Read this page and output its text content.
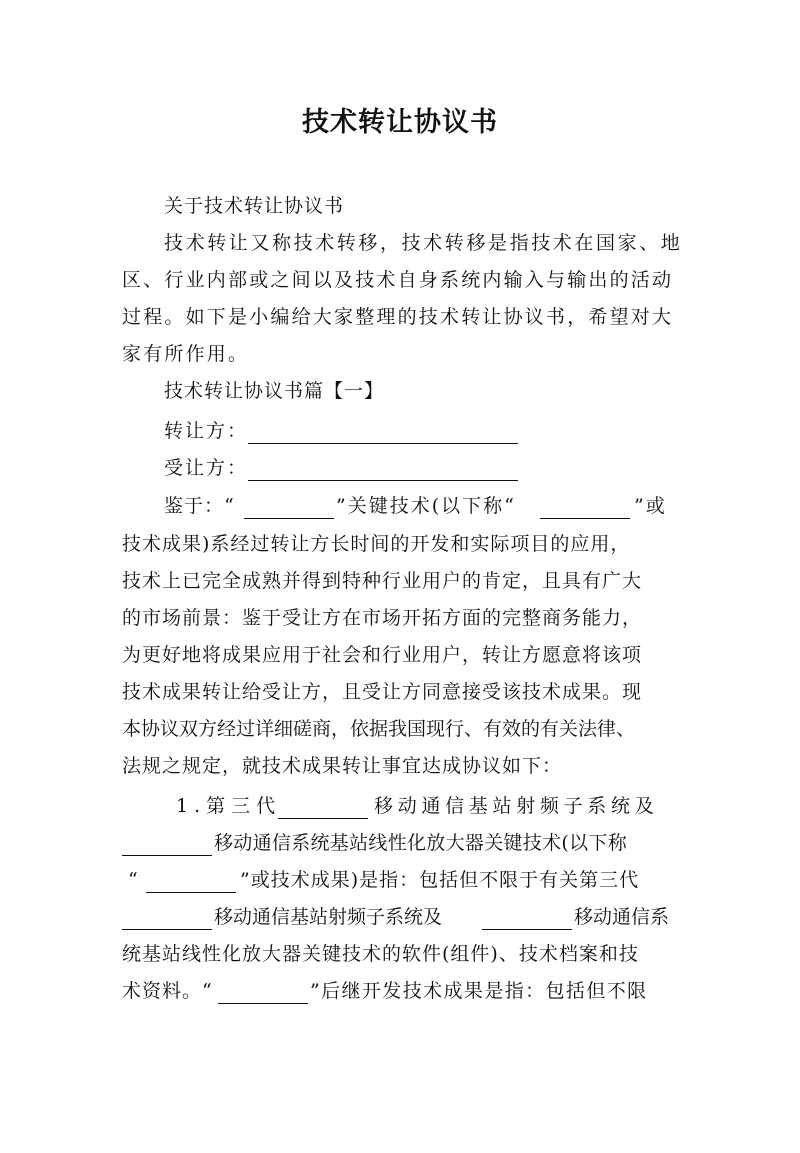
技术转让协议书

关于技术转让协议书

技术转让又称技术转移，技术转移是指技术在国家、地

区、行业内部或之间以及技术自身系统内输入与输出的活动

过程。如下是小编给大家整理的技术转让协议书，希望对大

家有所作用。

技术转让协议书篇【一】

转让方：

受让方：

鉴于：“

	”关键技术(以下称“

	”或

技术成果)系经过转让方长时间的开发和实际项目的应用，

技术上已完全成熟并得到特种行业用户的肯定，且具有广大

的市场前景：鉴于受让方在市场开拓方面的完整商务能力，

为更好地将成果应用于社会和行业用户，转让方愿意将该项

技术成果转让给受让方，且受让方同意接受该技术成果。现

本协议双方经过详细磋商，依据我国现行、有效的有关法律、

法规之规定，就技术成果转让事宜达成协议如下：

1.第三代

	移动通信基站射频子系统及

移动通信系统基站线性化放大器关键技术(以下称

“

	”或技术成果)是指：包括但不限于有关第三代

移动通信基站射频子系统及

	移动通信系

统基站线性化放大器关键技术的软件(组件)、技术档案和技

术资料。“

	”后继开发技术成果是指：包括但不限
